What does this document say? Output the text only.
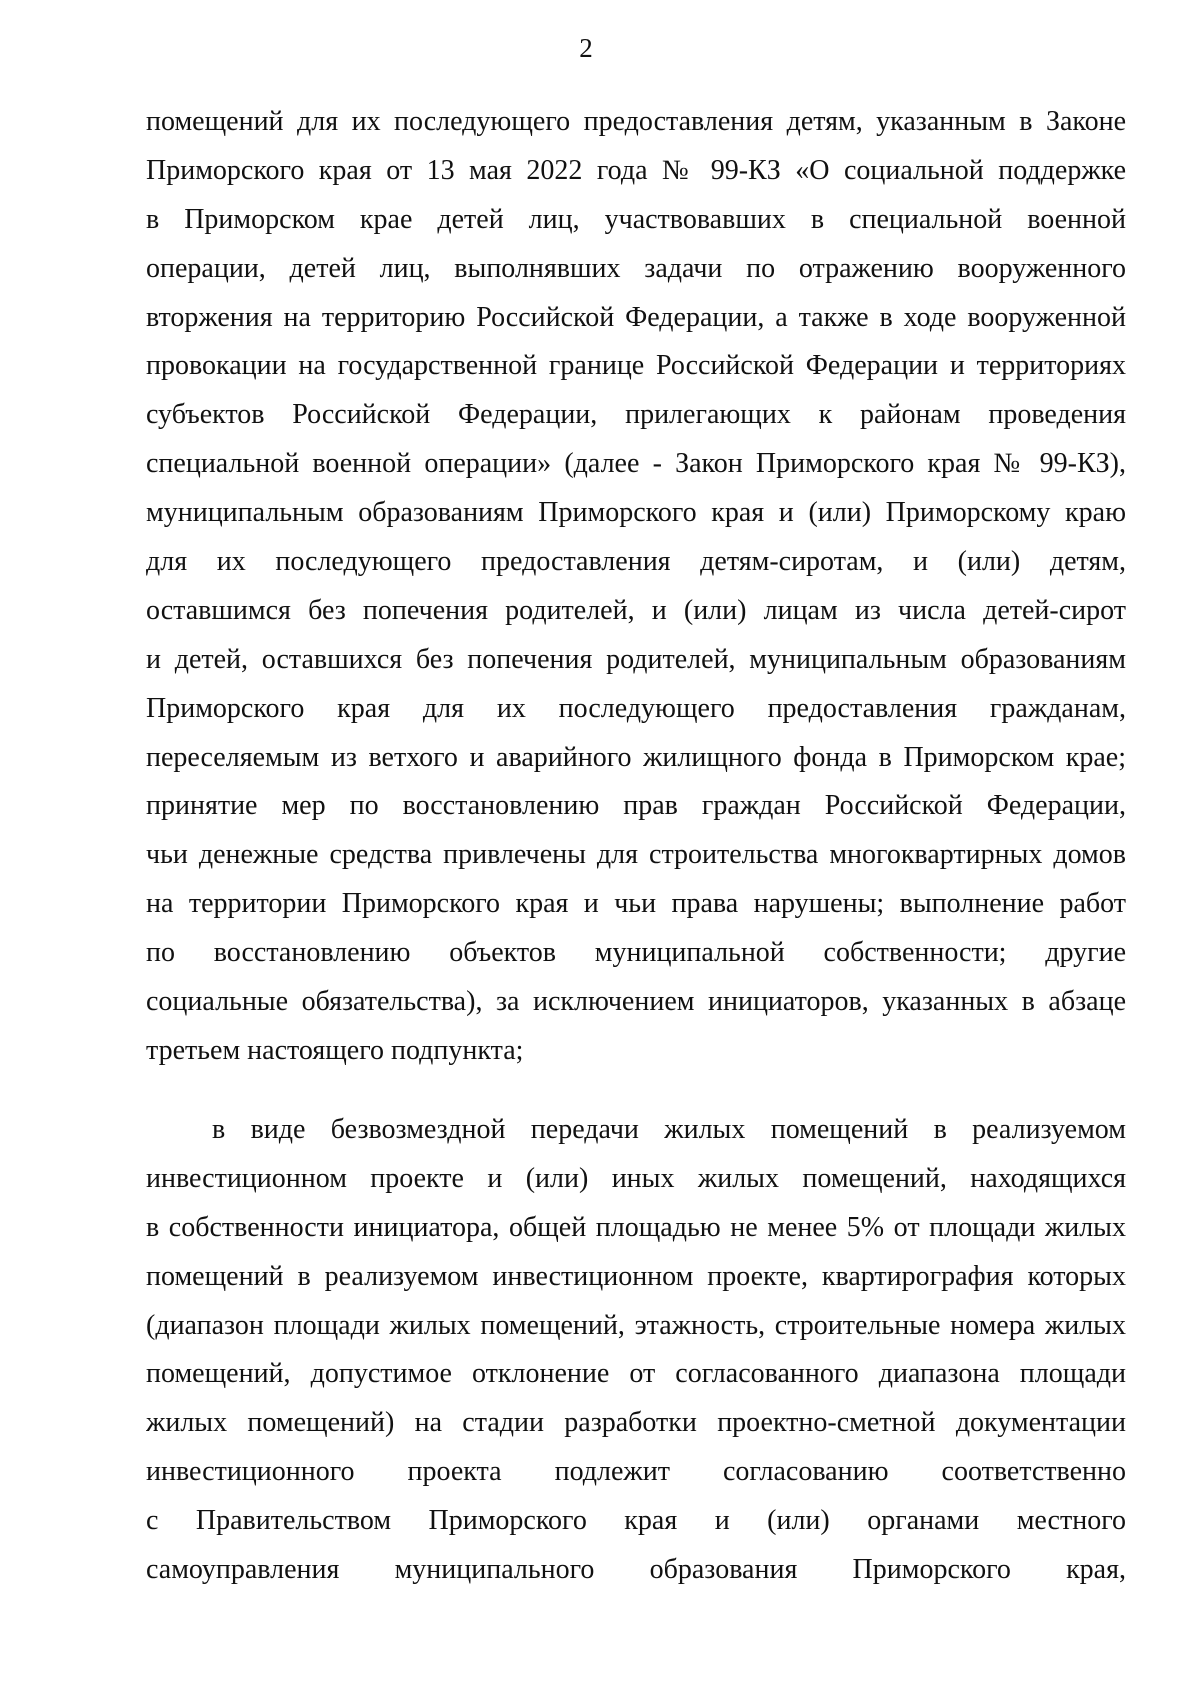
2
помещений для их последующего предоставления детям, указанным в Законе
Приморского края от 13 мая 2022 года № 99-КЗ «О социальной поддержке
в Приморском крае детей лиц, участвовавших в специальной военной
операции, детей лиц, выполнявших задачи по отражению вооруженного
вторжения на территорию Российской Федерации, а также в ходе вооруженной
провокации на государственной границе Российской Федерации и территориях
субъектов Российской Федерации, прилегающих к районам проведения
специальной военной операции» (далее - Закон Приморского края № 99-КЗ),
муниципальным образованиям Приморского края и (или) Приморскому краю
для их последующего предоставления детям-сиротам, и (или) детям,
оставшимся без попечения родителей, и (или) лицам из числа детей-сирот
и детей, оставшихся без попечения родителей, муниципальным образованиям
Приморского края для их последующего предоставления гражданам,
переселяемым из ветхого и аварийного жилищного фонда в Приморском крае;
принятие мер по восстановлению прав граждан Российской Федерации,
чьи денежные средства привлечены для строительства многоквартирных домов
на территории Приморского края и чьи права нарушены; выполнение работ
по восстановлению объектов муниципальной собственности; другие
социальные обязательства), за исключением инициаторов, указанных в абзаце
третьем настоящего подпункта;
в виде безвозмездной передачи жилых помещений в реализуемом
инвестиционном проекте и (или) иных жилых помещений, находящихся
в собственности инициатора, общей площадью не менее 5% от площади жилых
помещений в реализуемом инвестиционном проекте, квартирография которых
(диапазон площади жилых помещений, этажность, строительные номера жилых
помещений, допустимое отклонение от согласованного диапазона площади
жилых помещений) на стадии разработки проектно-сметной документации
инвестиционного проекта подлежит согласованию соответственно
с Правительством Приморского края и (или) органами местного
самоуправления муниципального образования Приморского края,
